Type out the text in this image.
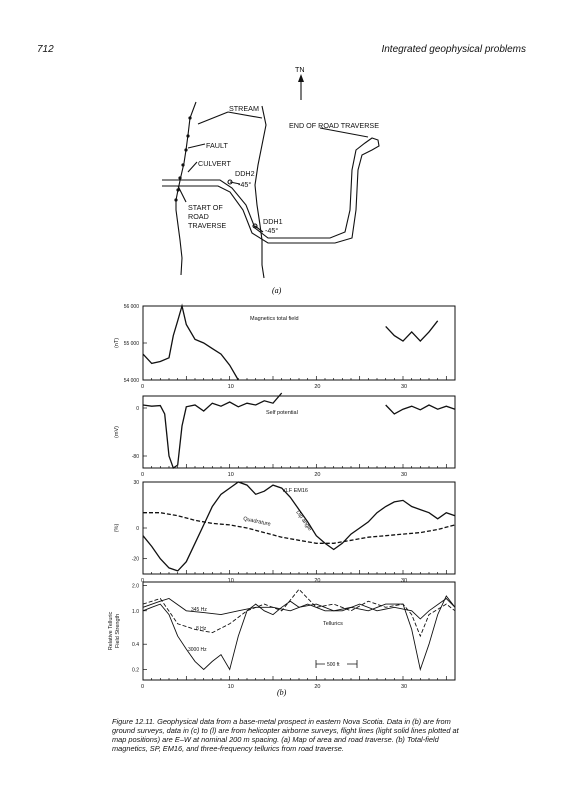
712	Integrated geophysical problems
TN
STREAM
END OF ROAD TRAVERSE
FAULT
CULVERT
DDH2
-45°
START OF
ROAD
TRAVERSE	DDH1
-45°
(a)
0	10	20	30
56 000
55 000
54 000
(nT)
Magnetics total field
0	10	20	30
0
-80
(mV)
Self potential
0	10	20	30
30
0
-20
(%)
VLF EM16
Quadrature	Dip angle
0	10	20	30
2.0
1.0
0.4
0.2
Relative TelluricField Strength
345 Hz
8 Hz
3000 Hz
Tellurics
500 ft
(b)
Figure 12.11. Geophysical data from a base-metal prospect in eastern Nova Scotia. Data in (b) are from ground surveys, data in (c) to (l) are from helicopter airborne surveys, flight lines (light solid lines plotted at map positions) are E–W at nominal 200 m spacing. (a) Map of area and road traverse. (b) Total-field magnetics, SP, EM16, and three-frequency tellurics from road traverse.
